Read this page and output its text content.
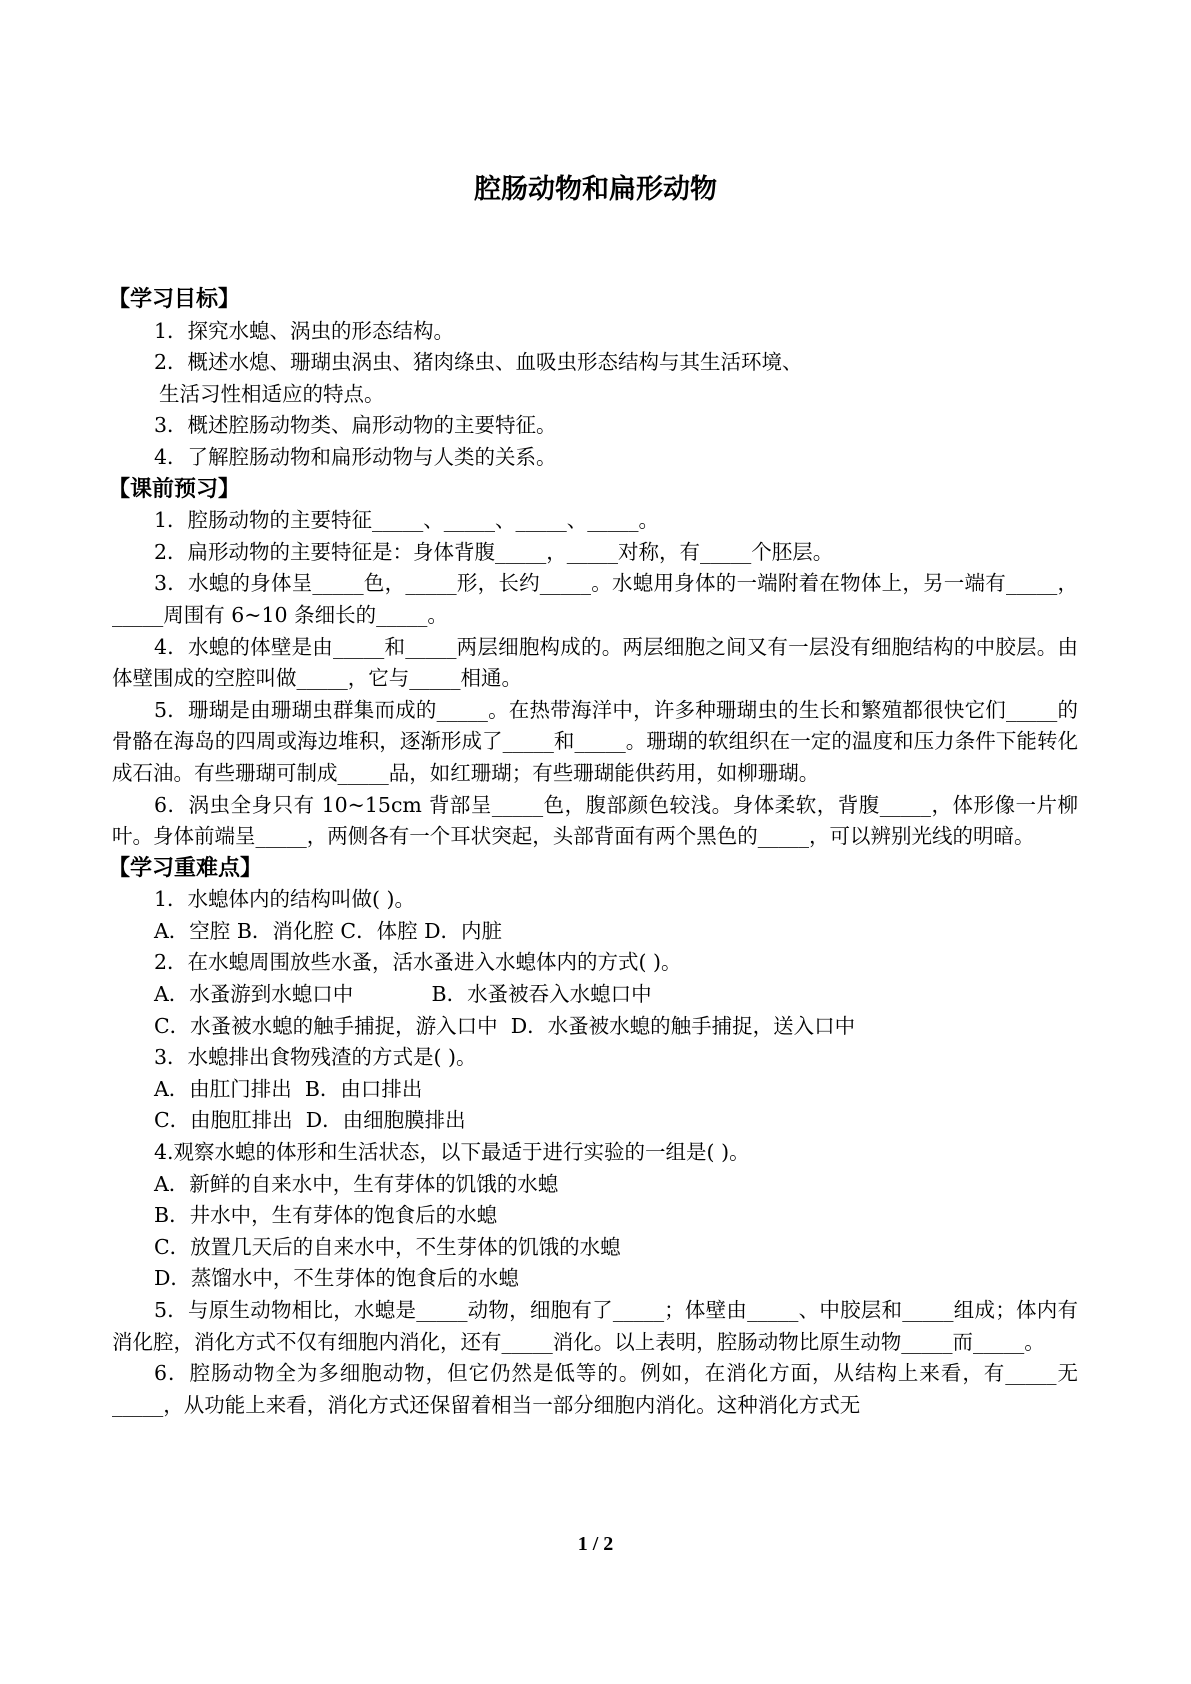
腔肠动物和扁形动物
【学习目标】
1．探究水螅、涡虫的形态结构。
2．概述水熄、珊瑚虫涡虫、猪肉绦虫、血吸虫形态结构与其生活环境、
生活习性相适应的特点。
3．概述腔肠动物类、扁形动物的主要特征。
4．了解腔肠动物和扁形动物与人类的关系。
【课前预习】
1．腔肠动物的主要特征_____、_____、_____、_____。
2．扁形动物的主要特征是：身体背腹_____，_____对称，有_____个胚层。
3．水螅的身体呈_____色，_____形，长约_____。水螅用身体的一端附着在物体上，另一端有_____，_____周围有 6~10 条细长的_____。
4．水螅的体壁是由_____和_____两层细胞构成的。两层细胞之间又有一层没有细胞结构的中胶层。由体壁围成的空腔叫做_____，它与_____相通。
5．珊瑚是由珊瑚虫群集而成的_____。在热带海洋中，许多种珊瑚虫的生长和繁殖都很快它们_____的骨骼在海岛的四周或海边堆积，逐渐形成了_____和_____。珊瑚的软组织在一定的温度和压力条件下能转化成石油。有些珊瑚可制成_____品，如红珊瑚；有些珊瑚能供药用，如柳珊瑚。
6．涡虫全身只有 10~15cm 背部呈_____色，腹部颜色较浅。身体柔软，背腹_____，体形像一片柳叶。身体前端呈_____，两侧各有一个耳状突起，头部背面有两个黑色的_____，可以辨别光线的明暗。
【学习重难点】
1．水螅体内的结构叫做( )。
A．空腔 B．消化腔 C．体腔 D．内脏
2．在水螅周围放些水蚤，活水蚤进入水螅体内的方式( )。
A．水蚤游到水螅口中            B．水蚤被吞入水螅口中
C．水蚤被水螅的触手捕捉，游入口中  D．水蚤被水螅的触手捕捉，送入口中
3．水螅排出食物残渣的方式是( )。
A．由肛门排出  B．由口排出
C．由胞肛排出  D．由细胞膜排出
4.观察水螅的体形和生活状态，以下最适于进行实验的一组是( )。
A．新鲜的自来水中，生有芽体的饥饿的水螅
B．井水中，生有芽体的饱食后的水螅
C．放置几天后的自来水中，不生芽体的饥饿的水螅
D．蒸馏水中，不生芽体的饱食后的水螅
5．与原生动物相比，水螅是_____动物，细胞有了_____；体壁由_____、中胶层和_____组成；体内有消化腔，消化方式不仅有细胞内消化，还有_____消化。以上表明，腔肠动物比原生动物_____而_____。
6．腔肠动物全为多细胞动物，但它仍然是低等的。例如，在消化方面，从结构上来看，有_____无_____，从功能上来看，消化方式还保留着相当一部分细胞内消化。这种消化方式无
1 / 2
